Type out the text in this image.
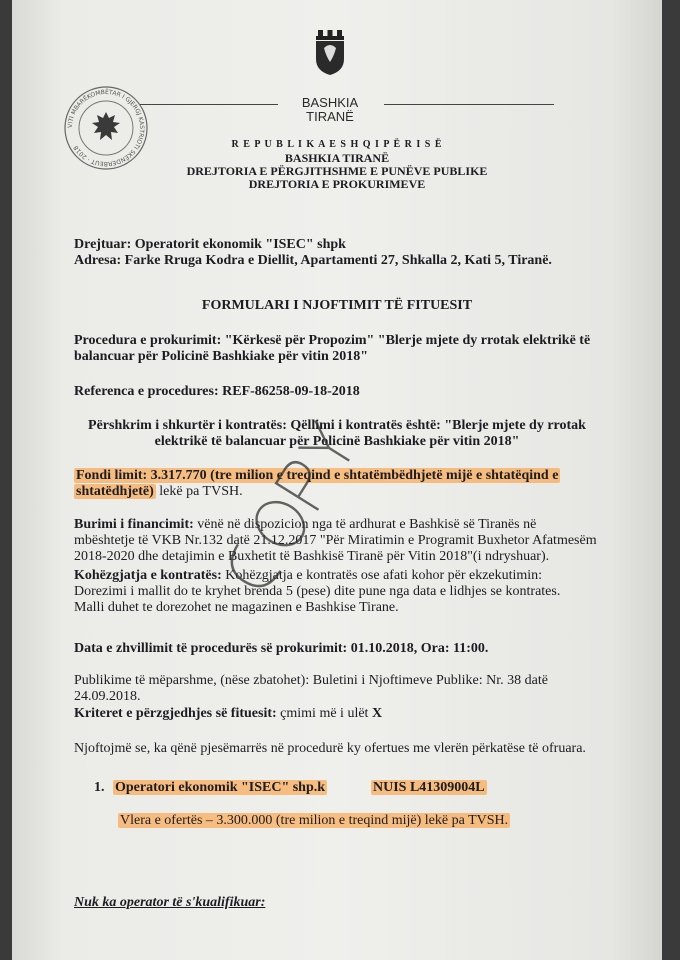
VITI MBARËKOMBËTAR I GJERGJ KASTRIOTI SKËNDERBEUT · 2018
BASHKIA
TIRANË
R E P U B L I K A E S H Q I P Ë R I S Ë
BASHKIA TIRANË
DREJTORIA E PËRGJITHSHME E PUNËVE PUBLIKE
DREJTORIA E PROKURIMEVE
Drejtuar: Operatorit ekonomik "ISEC" shpk
Adresa: Farke Rruga Kodra e Diellit, Apartamenti 27, Shkalla 2, Kati 5, Tiranë.
FORMULARI I NJOFTIMIT TË FITUESIT
Procedura e prokurimit: "Kërkesë për Propozim" "Blerje mjete dy rrotak elektrikë të
balancuar për Policinë Bashkiake për vitin 2018"
Referenca e procedures: REF-86258-09-18-2018
Përshkrim i shkurtër i kontratës: Qëllimi i kontratës është: "Blerje mjete dy rrotak
elektrikë të balancuar për Policinë Bashkiake për vitin 2018"
Fondi limit: 3.317.770 (tre milion e treqind e shtatëmbëdhjetë mijë e shtatëqind e
shtatëdhjetë) lekë pa TVSH.
Burimi i financimit: vënë në dispozicion nga të ardhurat e Bashkisë së Tiranës në
mbështetje të VKB Nr.132 datë 21.12.2017 "Për Miratimin e Programit Buxhetor Afatmesëm
2018-2020 dhe detajimin e Buxhetit të Bashkisë Tiranë për Vitin 2018"(i ndryshuar).
Kohëzgjatja e kontratës: Kohëzgjatja e kontratës ose afati kohor për ekzekutimin:
Dorezimi i mallit do te kryhet brenda 5 (pese) dite pune nga data e lidhjes se kontrates.
Malli duhet te dorezohet ne magazinen e Bashkise Tirane.
Data e zhvillimit të procedurës së prokurimit: 01.10.2018, Ora: 11:00.
Publikime të mëparshme, (nëse zbatohet): Buletini i Njoftimeve Publike: Nr. 38 datë
24.09.2018.
Kriteret e përzgjedhjes së fituesit: çmimi më i ulët X
Njoftojmë se, ka qënë pjesëmarrës në procedurë ky ofertues me vlerën përkatëse të ofruara.
1. Operatori ekonomik "ISEC" shp.k	NUIS L41309004L
Vlera e ofertës – 3.300.000 (tre milion e treqind mijë) lekë pa TVSH.
Nuk ka operator të s'kualifikuar:
